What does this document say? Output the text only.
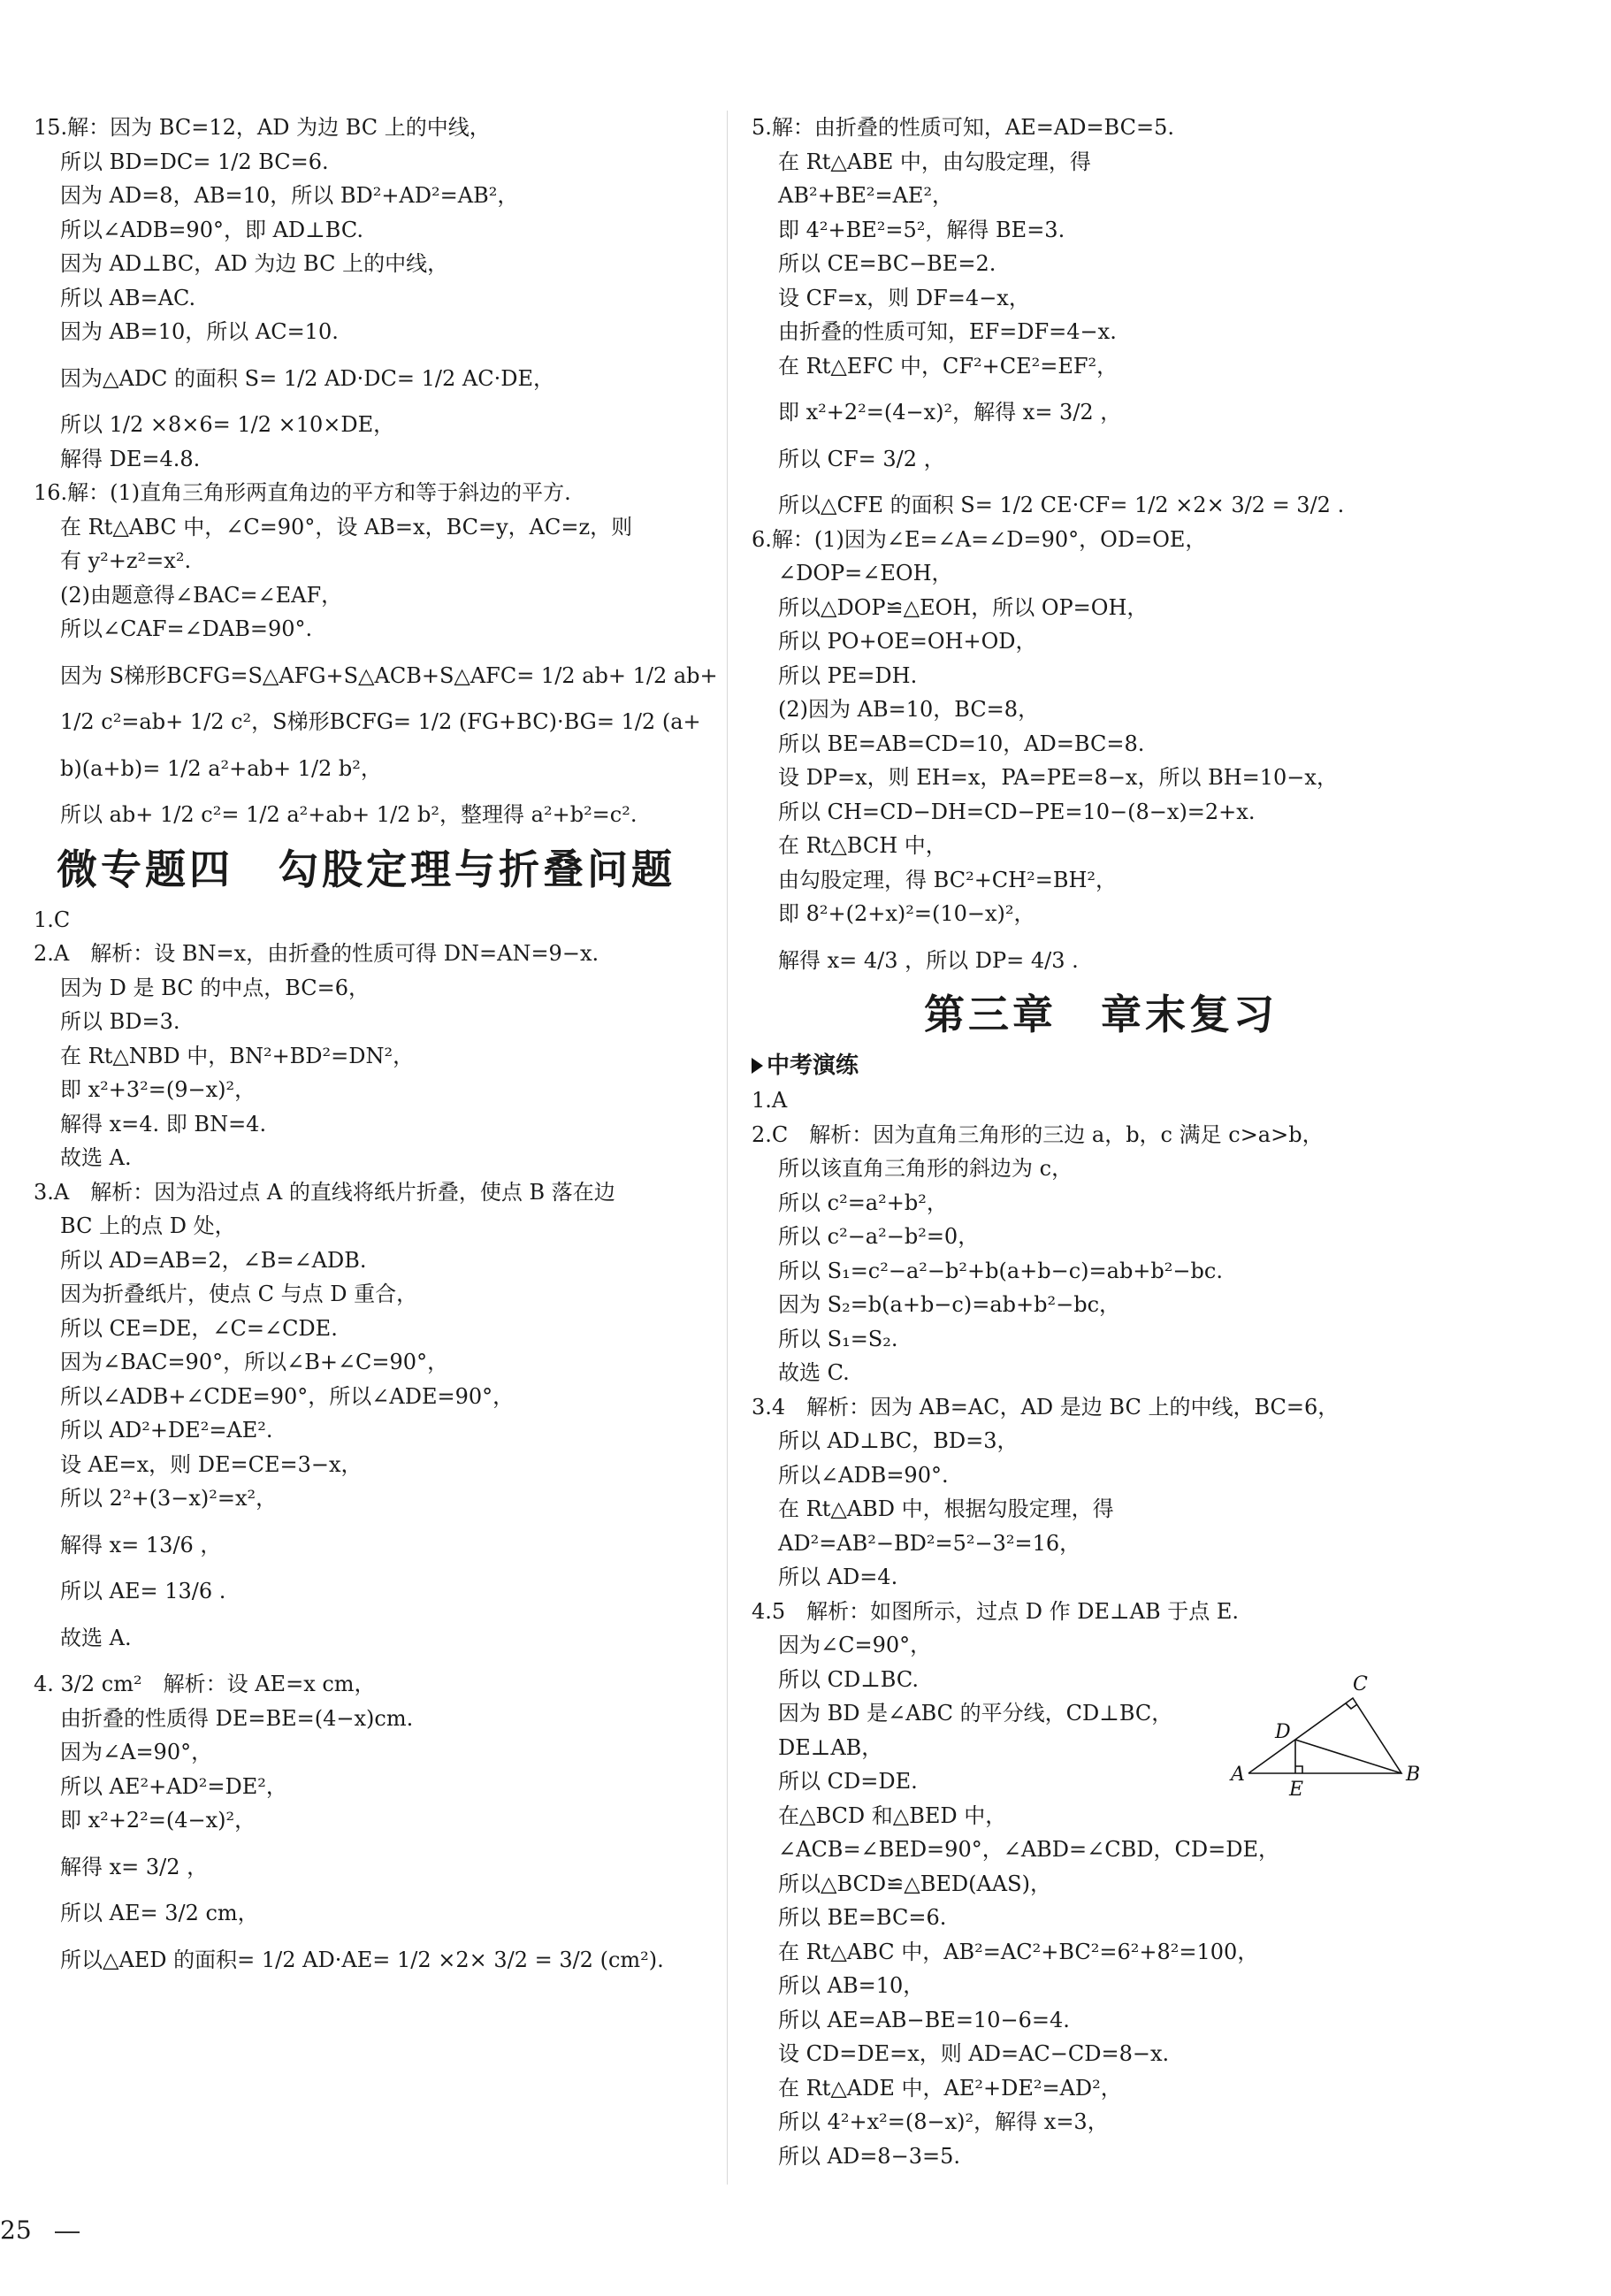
15.解：因为 BC=12，AD 为边 BC 上的中线，
所以 BD=DC= 1/2 BC=6.
因为 AD=8，AB=10，所以 BD²+AD²=AB²，
所以∠ADB=90°，即 AD⊥BC.
因为 AD⊥BC，AD 为边 BC 上的中线，
所以 AB=AC.
因为 AB=10，所以 AC=10.
因为△ADC 的面积 S= 1/2 AD·DC= 1/2 AC·DE，
所以 1/2 ×8×6= 1/2 ×10×DE，
解得 DE=4.8.
16.解：(1)直角三角形两直角边的平方和等于斜边的平方.
在 Rt△ABC 中，∠C=90°，设 AB=x，BC=y，AC=z，则
有 y²+z²=x².
(2)由题意得∠BAC=∠EAF，
所以∠CAF=∠DAB=90°.
因为 S梯形BCFG=S△AFG+S△ACB+S△AFC= 1/2 ab+ 1/2 ab+
1/2 c²=ab+ 1/2 c²，S梯形BCFG= 1/2 (FG+BC)·BG= 1/2 (a+
b)(a+b)= 1/2 a²+ab+ 1/2 b²，
所以 ab+ 1/2 c²= 1/2 a²+ab+ 1/2 b²，整理得 a²+b²=c².
微专题四　勾股定理与折叠问题
1.C
2.A　解析：设 BN=x，由折叠的性质可得 DN=AN=9−x.
因为 D 是 BC 的中点，BC=6，
所以 BD=3.
在 Rt△NBD 中，BN²+BD²=DN²，
即 x²+3²=(9−x)²，
解得 x=4. 即 BN=4.
故选 A.
3.A　解析：因为沿过点 A 的直线将纸片折叠，使点 B 落在边
BC 上的点 D 处，
所以 AD=AB=2，∠B=∠ADB.
因为折叠纸片，使点 C 与点 D 重合，
所以 CE=DE，∠C=∠CDE.
因为∠BAC=90°，所以∠B+∠C=90°，
所以∠ADB+∠CDE=90°，所以∠ADE=90°，
所以 AD²+DE²=AE².
设 AE=x，则 DE=CE=3−x，
所以 2²+(3−x)²=x²，
解得 x= 13/6 ，
所以 AE= 13/6 .
故选 A.
4. 3/2 cm²　解析：设 AE=x cm，
由折叠的性质得 DE=BE=(4−x)cm.
因为∠A=90°，
所以 AE²+AD²=DE²，
即 x²+2²=(4−x)²，
解得 x= 3/2 ，
所以 AE= 3/2 cm，
所以△AED 的面积= 1/2 AD·AE= 1/2 ×2× 3/2 = 3/2 (cm²).
5.解：由折叠的性质可知，AE=AD=BC=5.
在 Rt△ABE 中，由勾股定理，得
AB²+BE²=AE²，
即 4²+BE²=5²，解得 BE=3.
所以 CE=BC−BE=2.
设 CF=x，则 DF=4−x，
由折叠的性质可知，EF=DF=4−x.
在 Rt△EFC 中，CF²+CE²=EF²，
即 x²+2²=(4−x)²，解得 x= 3/2 ，
所以 CF= 3/2 ，
所以△CFE 的面积 S= 1/2 CE·CF= 1/2 ×2× 3/2 = 3/2 .
6.解：(1)因为∠E=∠A=∠D=90°，OD=OE，
∠DOP=∠EOH，
所以△DOP≌△EOH，所以 OP=OH，
所以 PO+OE=OH+OD，
所以 PE=DH.
(2)因为 AB=10，BC=8，
所以 BE=AB=CD=10，AD=BC=8.
设 DP=x，则 EH=x，PA=PE=8−x，所以 BH=10−x，
所以 CH=CD−DH=CD−PE=10−(8−x)=2+x.
在 Rt△BCH 中，
由勾股定理，得 BC²+CH²=BH²，
即 8²+(2+x)²=(10−x)²，
解得 x= 4/3 ，所以 DP= 4/3 .
第三章　章末复习
中考演练
1.A
2.C　解析：因为直角三角形的三边 a，b，c 满足 c>a>b，
所以该直角三角形的斜边为 c，
所以 c²=a²+b²，
所以 c²−a²−b²=0，
所以 S₁=c²−a²−b²+b(a+b−c)=ab+b²−bc.
因为 S₂=b(a+b−c)=ab+b²−bc，
所以 S₁=S₂.
故选 C.
3.4　解析：因为 AB=AC，AD 是边 BC 上的中线，BC=6，
所以 AD⊥BC，BD=3，
所以∠ADB=90°.
在 Rt△ABD 中，根据勾股定理，得
AD²=AB²−BD²=5²−3²=16，
所以 AD=4.
4.5　解析：如图所示，过点 D 作 DE⊥AB 于点 E.
因为∠C=90°，
所以 CD⊥BC.
因为 BD 是∠ABC 的平分线，CD⊥BC，
DE⊥AB，
所以 CD=DE.
在△BCD 和△BED 中，
∠ACB=∠BED=90°，∠ABD=∠CBD，CD=DE，
所以△BCD≌△BED(AAS)，
所以 BE=BC=6.
在 Rt△ABC 中，AB²=AC²+BC²=6²+8²=100，
所以 AB=10，
所以 AE=AB−BE=10−6=4.
设 CD=DE=x，则 AD=AC−CD=8−x.
在 Rt△ADE 中，AE²+DE²=AD²，
所以 4²+x²=(8−x)²，解得 x=3，
所以 AD=8−3=5.
A	B
C
D
E
25
